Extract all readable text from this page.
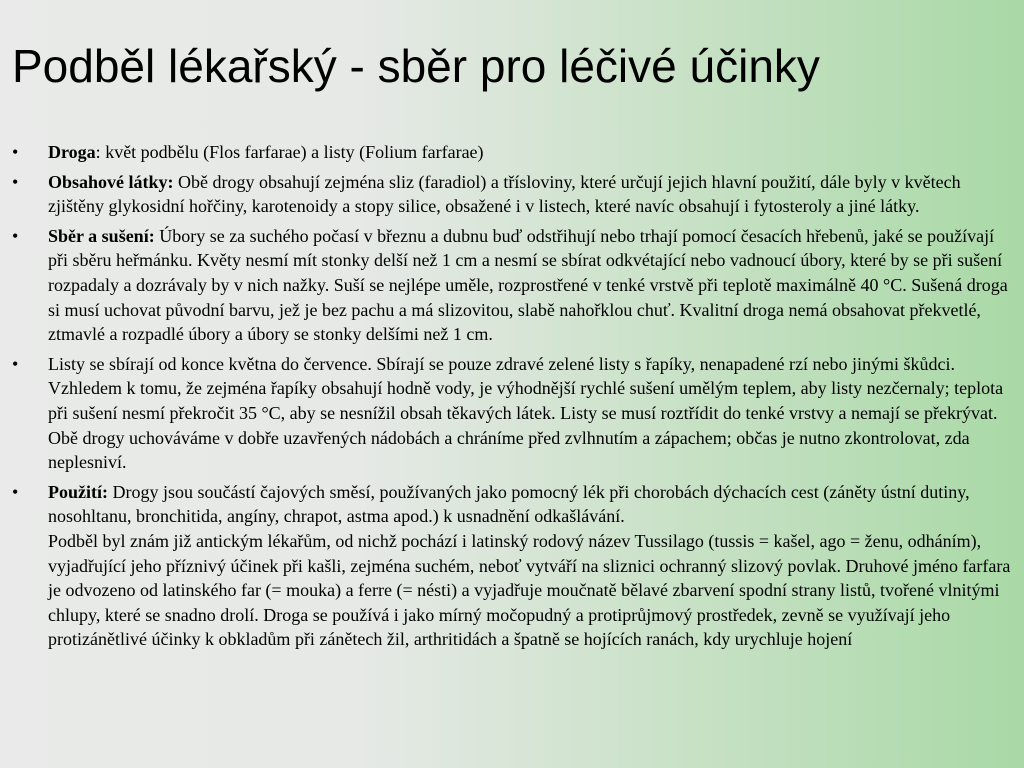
Podběl lékařský - sběr pro léčivé účinky
• Droga: květ podbělu (Flos farfarae) a listy (Folium farfarae)
• Obsahové látky: Obě drogy obsahují zejména sliz (faradiol) a třísloviny, které určují jejich hlavní použití, dále byly v květech zjištěny glykosidní hořčiny, karotenoidy a stopy silice, obsažené i v listech, které navíc obsahují i fytosteroly a jiné látky.
• Sběr a sušení: Úbory se za suchého počasí v březnu a dubnu buď odstřihují nebo trhají pomocí česacích hřebenů, jaké se používají při sběru heřmánku. Květy nesmí mít stonky delší než 1 cm a nesmí se sbírat odkvétající nebo vadnoucí úbory, které by se při sušení rozpadaly a dozrávaly by v nich nažky. Suší se nejlépe uměle, rozprostřené v tenké vrstvě při teplotě maximálně 40 °C. Sušená droga si musí uchovat původní barvu, jež je bez pachu a má slizovitou, slabě nahořklou chuť. Kvalitní droga nemá obsahovat překvetlé, ztmavlé a rozpadlé úbory a úbory se stonky delšími než 1 cm.
• Listy se sbírají od konce května do července. Sbírají se pouze zdravé zelené listy s řapíky, nenapadené rzí nebo jinými škůdci. Vzhledem k tomu, že zejména řapíky obsahují hodně vody, je výhodnější rychlé sušení umělým teplem, aby listy nezčernaly; teplota při sušení nesmí překročit 35 °C, aby se nesnížil obsah těkavých látek. Listy se musí roztřídit do tenké vrstvy a nemají se překrývat. Obě drogy uchováváme v dobře uzavřených nádobách a chráníme před zvlhnutím a zápachem; občas je nutno zkontrolovat, zda neplesniví.
• Použití: Drogy jsou součástí čajových směsí, používaných jako pomocný lék při chorobách dýchacích cest (záněty ústní dutiny, nosohltanu, bronchitida, angíny, chrapot, astma apod.) k usnadnění odkašlávání.
Podběl byl znám již antickým lékařům, od nichž pochází i latinský rodový název Tussilago (tussis = kašel, ago = ženu, odháním), vyjadřující jeho příznivý účinek při kašli, zejména suchém, neboť vytváří na sliznici ochranný slizový povlak. Druhové jméno farfara je odvozeno od latinského far (= mouka) a ferre (= nésti) a vyjadřuje moučnatě bělavé zbarvení spodní strany listů, tvořené vlnitými chlupy, které se snadno drolí. Droga se používá i jako mírný močopudný a protiprůjmový prostředek, zevně se využívají jeho protizánětlivé účinky k obkladům při zánětech žil, arthritidách a špatně se hojících ranách, kdy urychluje hojení
